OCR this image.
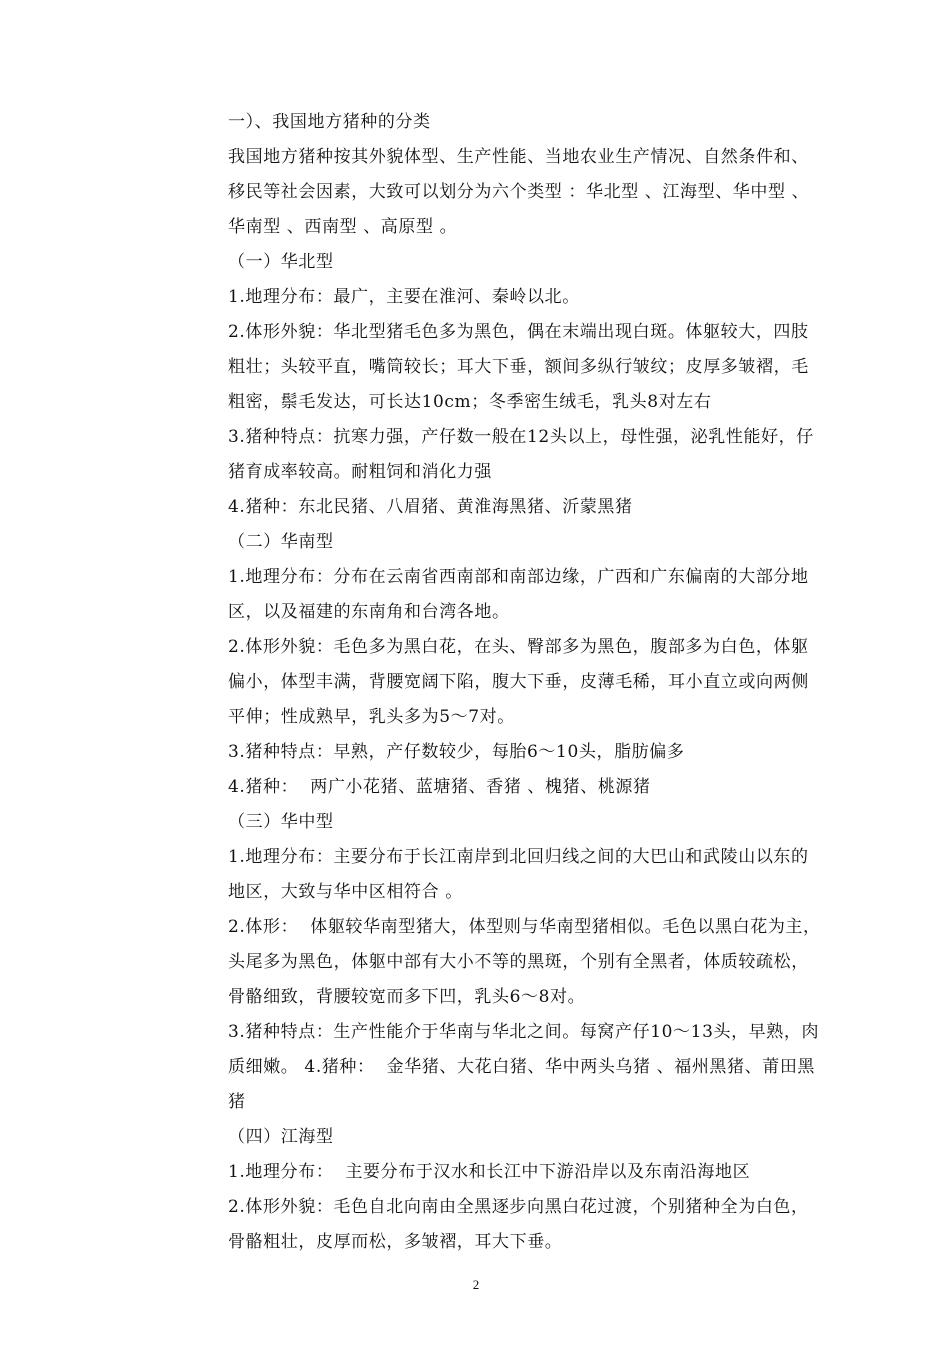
一）、我国地方猪种的分类
我国地方猪种按其外貌体型、生产性能、当地农业生产情况、自然条件和、
移民等社会因素，大致可以划分为六个类型 ：华北型 、江海型、华中型 、
华南型 、西南型 、高原型 。
（一）华北型
1.地理分布：最广，主要在淮河、秦岭以北。
2.体形外貌：华北型猪毛色多为黑色，偶在末端出现白斑。体躯较大，四肢
粗壮；头较平直，嘴筒较长；耳大下垂，额间多纵行皱纹；皮厚多皱褶，毛
粗密，鬃毛发达，可长达10cm；冬季密生绒毛，乳头8对左右
3.猪种特点：抗寒力强，产仔数一般在12头以上，母性强，泌乳性能好，仔
猪育成率较高。耐粗饲和消化力强
4.猪种：东北民猪、八眉猪、黄淮海黑猪、沂蒙黑猪
（二）华南型
1.地理分布：分布在云南省西南部和南部边缘，广西和广东偏南的大部分地
区，以及福建的东南角和台湾各地。
2.体形外貌：毛色多为黑白花，在头、臀部多为黑色，腹部多为白色，体躯
偏小，体型丰满，背腰宽阔下陷，腹大下垂，皮薄毛稀，耳小直立或向两侧
平伸；性成熟早，乳头多为5～7对。
3.猪种特点：早熟，产仔数较少，每胎6～10头，脂肪偏多
4.猪种：  两广小花猪、蓝塘猪、香猪 、槐猪、桃源猪
（三）华中型
1.地理分布：主要分布于长江南岸到北回归线之间的大巴山和武陵山以东的
地区，大致与华中区相符合 。
2.体形：  体躯较华南型猪大，体型则与华南型猪相似。毛色以黑白花为主，
头尾多为黑色，体躯中部有大小不等的黑斑，个别有全黑者，体质较疏松，
骨骼细致，背腰较宽而多下凹，乳头6～8对。
3.猪种特点：生产性能介于华南与华北之间。每窝产仔10～13头，早熟，肉
质细嫩。 4.猪种：  金华猪、大花白猪、华中两头乌猪 、福州黑猪、莆田黑
猪
（四）江海型
1.地理分布：  主要分布于汉水和长江中下游沿岸以及东南沿海地区
2.体形外貌：毛色自北向南由全黑逐步向黑白花过渡，个别猪种全为白色，
骨骼粗壮，皮厚而松，多皱褶，耳大下垂。
2
